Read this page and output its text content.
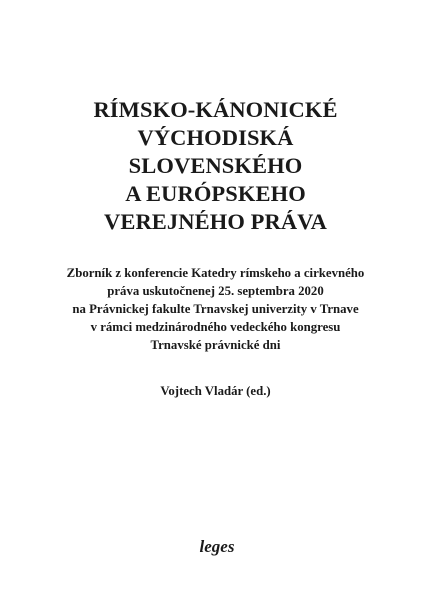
RÍMSKO-KÁNONICKÉ
VÝCHODISKÁ
SLOVENSKÉHO
A EURÓPSKEHO
VEREJNÉHO PRÁVA
Zborník z konferencie Katedry rímskeho a cirkevného
práva uskutočnenej 25. septembra 2020
na Právnickej fakulte Trnavskej univerzity v Trnave
v rámci medzinárodného vedeckého kongresu
Trnavské právnické dni
Vojtech Vladár (ed.)
leges
